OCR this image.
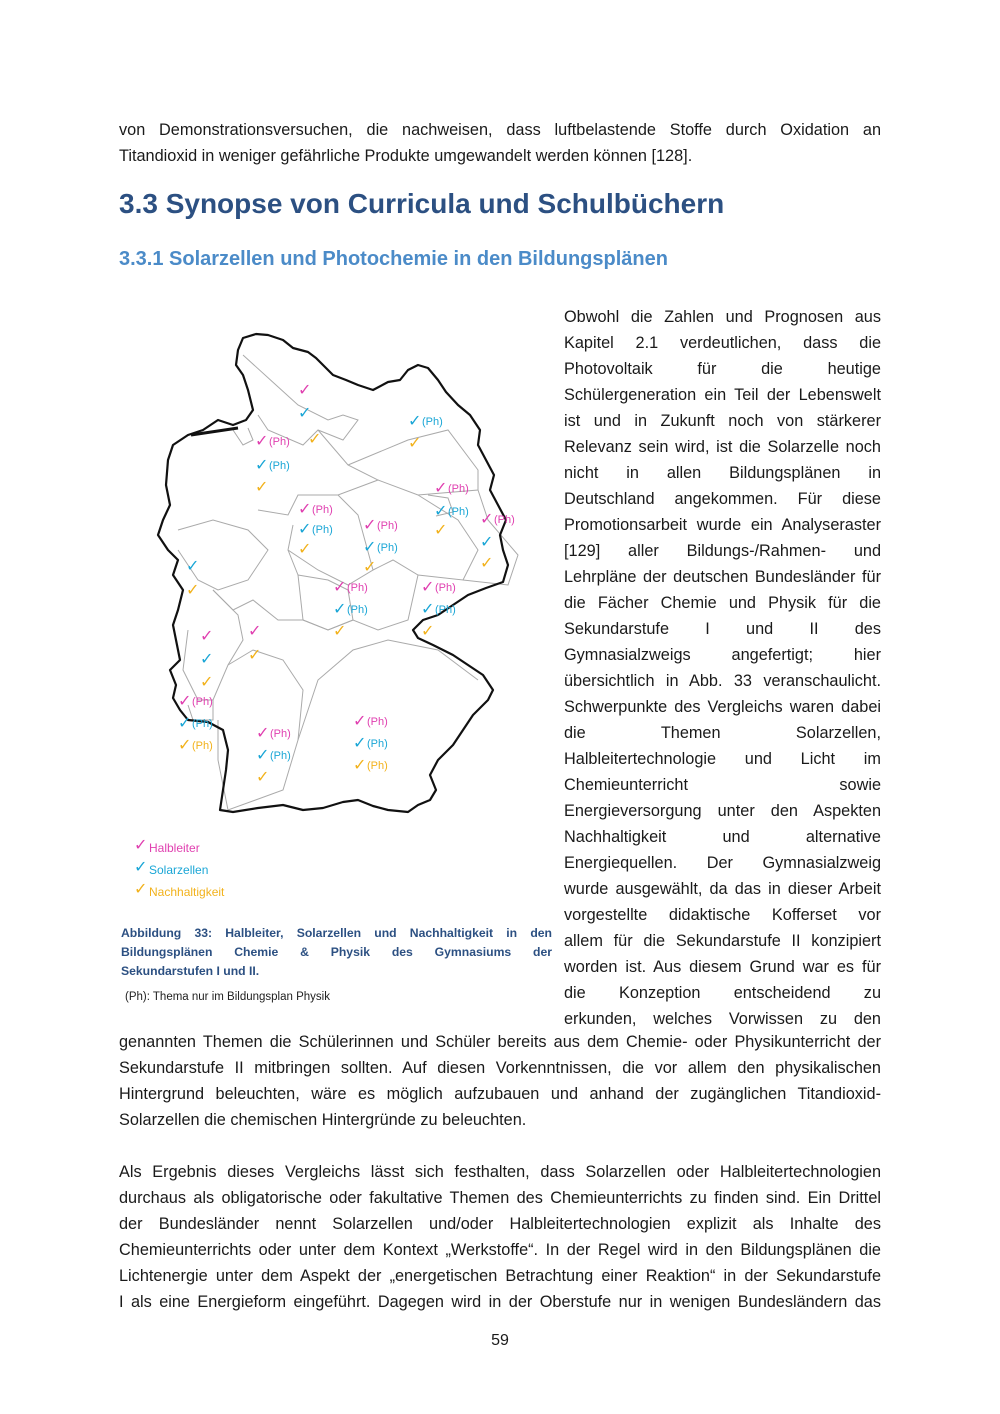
von Demonstrationsversuchen, die nachweisen, dass luftbelastende Stoffe durch Oxidation an
Titandioxid in weniger gefährliche Produkte umgewandelt werden können [128].

3.3 Synopse von Curricula und Schulbüchern
3.3.1 Solarzellen und Photochemie in den Bildungsplänen
Obwohl die Zahlen und Prognosen aus
Kapitel 2.1 verdeutlichen, dass die
Photovoltaik für die heutige
Schülergeneration ein Teil der Lebenswelt
ist und in Zukunft noch von stärkerer
Relevanz sein wird, ist die Solarzelle noch
nicht in allen Bildungsplänen in
Deutschland angekommen. Für diese
Promotionsarbeit wurde ein Analyseraster
[129] aller Bildungs-/Rahmen- und
Lehrpläne der deutschen Bundesländer für
die Fächer Chemie und Physik für die
Sekundarstufe I und II des
Gymnasialzweigs angefertigt; hier
übersichtlich in Abb. 33 veranschaulicht.
Schwerpunkte des Vergleichs waren dabei
die Themen Solarzellen,
Halbleitertechnologie und Licht im
Chemieunterricht sowie
Energieversorgung unter den Aspekten
Nachhaltigkeit und alternative
Energiequellen. Der Gymnasialzweig
wurde ausgewählt, da das in dieser Arbeit
vorgestellte didaktische Kofferset vor
allem für die Sekundarstufe II konzipiert
worden ist. Aus diesem Grund war es für
die Konzeption entscheidend zu
erkunden, welches Vorwissen zu den
✓
✓
✓
✓ (Ph)
✓
✓ (Ph)
✓ (Ph)
✓
✓ (Ph)
✓ (Ph)
✓
✓ (Ph)
✓ (Ph)
✓
✓ (Ph)
✓ (Ph)
✓
✓ (Ph)
✓
✓
✓
✓	✓ (Ph)
✓ (Ph)
✓
✓ (Ph)
✓ (Ph)
✓
✓
✓
✓
✓
✓
✓ (Ph)
✓ (Ph)
✓ (Ph)
✓ (Ph)
✓ (Ph)
✓
✓ (Ph)
✓ (Ph)
✓ (Ph)
✓ Halbleiter
✓ Solarzellen
✓ Nachhaltigkeit

Abbildung 33: Halbleiter, Solarzellen und Nachhaltigkeit in den Bildungsplänen Chemie & Physik des Gymnasiums der
Sekundarstufen I und II.

(Ph): Thema nur im Bildungsplan Physik

genannten Themen die Schülerinnen und Schüler bereits aus dem Chemie- oder Physikunterricht der
Sekundarstufe II mitbringen sollten. Auf diesen Vorkenntnissen, die vor allem den physikalischen
Hintergrund beleuchten, wäre es möglich aufzubauen und anhand der zugänglichen Titandioxid-
Solarzellen die chemischen Hintergründe zu beleuchten.

Als Ergebnis dieses Vergleichs lässt sich festhalten, dass Solarzellen oder Halbleitertechnologien
durchaus als obligatorische oder fakultative Themen des Chemieunterrichts zu finden sind. Ein Drittel
der Bundesländer nennt Solarzellen und/oder Halbleitertechnologien explizit als Inhalte des
Chemieunterrichts oder unter dem Kontext „Werkstoffe“. In der Regel wird in den Bildungsplänen die
Lichtenergie unter dem Aspekt der „energetischen Betrachtung einer Reaktion“ in der Sekundarstufe
I als eine Energieform eingeführt. Dagegen wird in der Oberstufe nur in wenigen Bundesländern das

59
